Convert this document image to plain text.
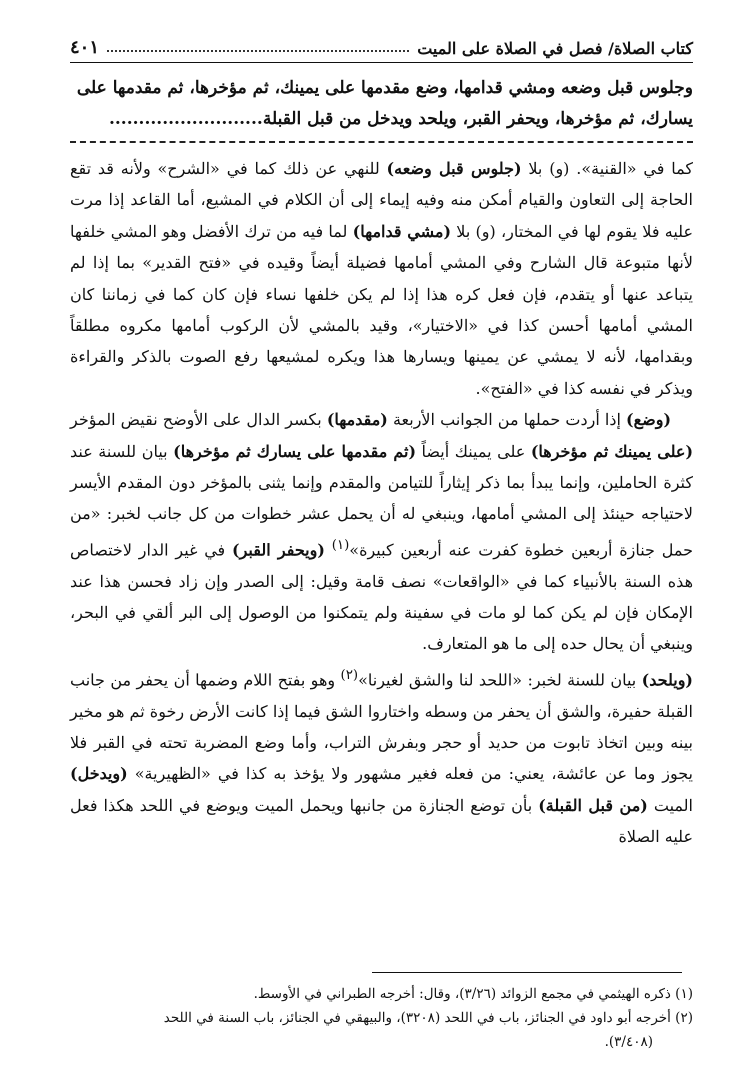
كتاب الصلاة/ فصل في الصلاة على الميت
٤٠١
وجلوس قبل وضعه ومشي قدامها، وضع مقدمها على يمينك، ثم مؤخرها، ثم مقدمها على
يسارك، ثم مؤخرها، ويحفر القبر، ويلحد ويدخل من قبل القبلة..........................

كما في «القنية». (و) بلا (جلوس قبل وضعه) للنهي عن ذلك كما في «الشرح» ولأنه قد تقع الحاجة إلى التعاون والقيام أمكن منه وفيه إيماء إلى أن الكلام في المشيع، أما القاعد إذا مرت عليه فلا يقوم لها في المختار، (و) بلا (مشي قدامها) لما فيه من ترك الأفضل وهو المشي خلفها لأنها متبوعة قال الشارح وفي المشي أمامها فضيلة أيضاً وقيده في «فتح القدير» بما إذا لم يتباعد عنها أو يتقدم، فإن فعل كره هذا إذا لم يكن خلفها نساء فإن كان كما في زماننا كان المشي أمامها أحسن كذا في «الاختيار»، وقيد بالمشي لأن الركوب أمامها مكروه مطلقاً وبقدامها، لأنه لا يمشي عن يمينها ويسارها هذا ويكره لمشيعها رفع الصوت بالذكر والقراءة ويذكر في نفسه كذا في «الفتح».

(وضع) إذا أردت حملها من الجوانب الأربعة (مقدمها) بكسر الدال على الأوضح نقيض المؤخر (على يمينك ثم مؤخرها) على يمينك أيضاً (ثم مقدمها على يسارك ثم مؤخرها) بيان للسنة عند كثرة الحاملين، وإنما يبدأ بما ذكر إيثاراً للتيامن والمقدم وإنما يثنى بالمؤخر دون المقدم الأيسر لاحتياجه حينئذ إلى المشي أمامها، وينبغي له أن يحمل عشر خطوات من كل جانب لخبر: «من حمل جنازة أربعين خطوة كفرت عنه أربعين كبيرة»$^{(١)}$ (ويحفر القبر) في غير الدار لاختصاص هذه السنة بالأنبياء كما في «الواقعات» نصف قامة وقيل: إلى الصدر وإن زاد فحسن هذا عند الإمكان فإن لم يكن كما لو مات في سفينة ولم يتمكنوا من الوصول إلى البر ألقي في البحر، وينبغي أن يحال حده إلى ما هو المتعارف.

(ويلحد) بيان للسنة لخبر: «اللحد لنا والشق لغيرنا»$^{(٢)}$ وهو بفتح اللام وضمها أن يحفر من جانب القبلة حفيرة، والشق أن يحفر من وسطه واختاروا الشق فيما إذا كانت الأرض رخوة ثم هو مخير بينه وبين اتخاذ تابوت من حديد أو حجر وبفرش التراب، وأما وضع المضربة تحته في القبر فلا يجوز وما عن عائشة، يعني: من فعله فغير مشهور ولا يؤخذ به كذا في «الظهيرية» (ويدخل) الميت (من قبل القبلة) بأن توضع الجنازة من جانبها ويحمل الميت ويوضع في اللحد هكذا فعل عليه الصلاة

(١) ذكره الهيثمي في مجمع الزوائد (٣/٢٦)، وقال: أخرجه الطبراني في الأوسط.
(٢) أخرجه أبو داود في الجنائز، باب في اللحد (٣٢٠٨)، والبيهقي في الجنائز، باب السنة في اللحد
(٣/٤٠٨).
